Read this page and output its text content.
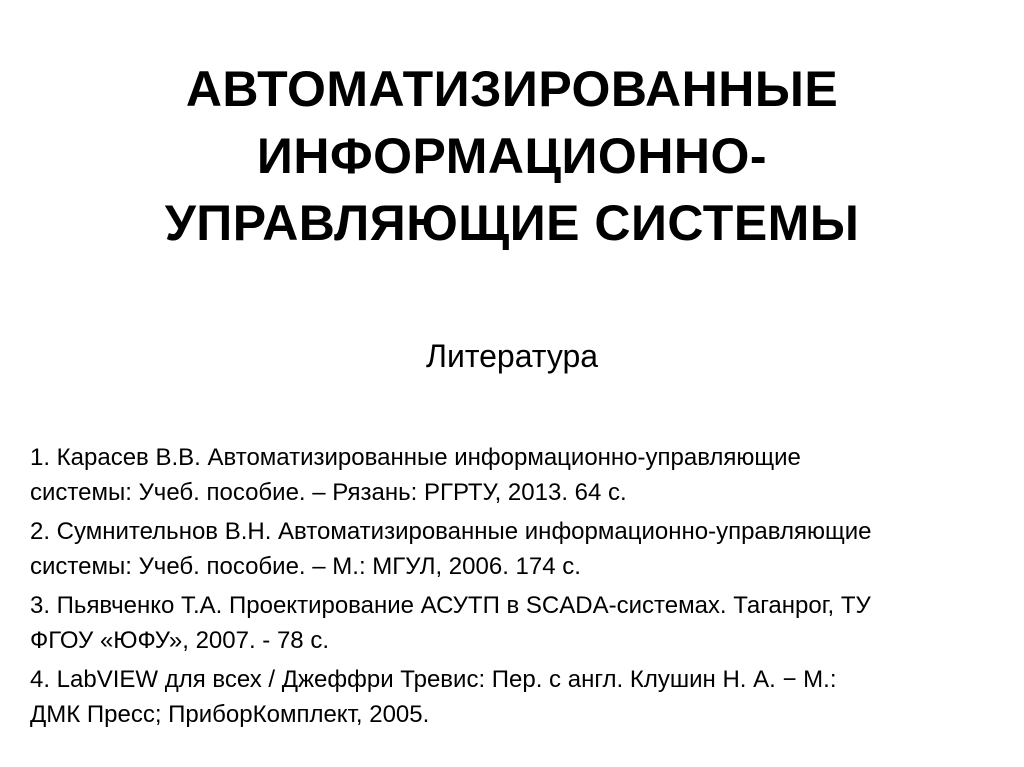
АВТОМАТИЗИРОВАННЫЕ
ИНФОРМАЦИОННО-
УПРАВЛЯЮЩИЕ СИСТЕМЫ
Литература
1. Карасев В.В. Автоматизированные информационно-управляющие
системы: Учеб. пособие. – Рязань: РГРТУ, 2013. 64 с.
2. Сумнительнов В.Н. Автоматизированные информационно-управляющие
системы: Учеб. пособие. – М.: МГУЛ, 2006. 174 с.
3. Пьявченко Т.А. Проектирование АСУТП в SCADA-системах. Таганрог, ТУ
ФГОУ «ЮФУ», 2007. - 78 с.
4. LabVIEW для всех / Джеффри Тревис: Пер. с англ. Клушин Н. А. − М.:
ДМК Пресс; ПриборКомплект, 2005.
